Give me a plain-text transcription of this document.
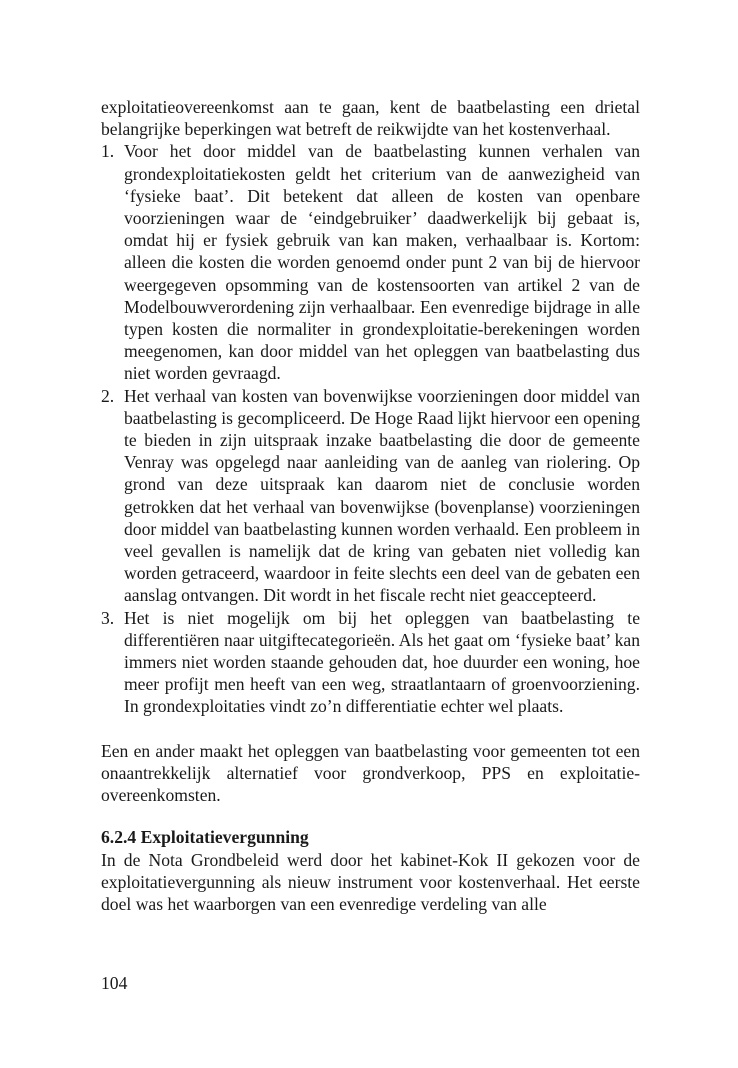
exploitatieovereenkomst aan te gaan, kent de baatbelasting een drietal belangrijke beperkingen wat betreft de reikwijdte van het kostenverhaal.

1. Voor het door middel van de baatbelasting kunnen verhalen van grondexploitatiekosten geldt het criterium van de aanwezigheid van ‘fysieke baat’. Dit betekent dat alleen de kosten van openbare voorzieningen waar de ‘eindgebruiker’ daadwerkelijk bij gebaat is, omdat hij er fysiek gebruik van kan maken, verhaalbaar is. Kortom: alleen die kosten die worden genoemd onder punt 2 van bij de hiervoor weergegeven opsomming van de kostensoorten van artikel 2 van de Modelbouwverordening zijn verhaalbaar. Een evenredige bijdrage in alle typen kosten die normaliter in grondexploitatie-berekeningen worden meegenomen, kan door middel van het opleggen van baatbelasting dus niet worden gevraagd.
2. Het verhaal van kosten van bovenwijkse voorzieningen door middel van baatbelasting is gecompliceerd. De Hoge Raad lijkt hiervoor een opening te bieden in zijn uitspraak inzake baatbelasting die door de gemeente Venray was opgelegd naar aanleiding van de aanleg van riolering. Op grond van deze uitspraak kan daarom niet de conclusie worden getrokken dat het verhaal van bovenwijkse (bovenplanse) voorzieningen door middel van baatbelasting kunnen worden verhaald. Een probleem in veel gevallen is namelijk dat de kring van gebaten niet volledig kan worden getraceerd, waardoor in feite slechts een deel van de gebaten een aanslag ontvangen. Dit wordt in het fiscale recht niet geaccepteerd.
3. Het is niet mogelijk om bij het opleggen van baatbelasting te differentiëren naar uitgiftecategorieën. Als het gaat om ‘fysieke baat’ kan immers niet worden staande gehouden dat, hoe duurder een woning, hoe meer profijt men heeft van een weg, straatlantaarn of groenvoorziening. In grondexploitaties vindt zo’n differentiatie echter wel plaats.

Een en ander maakt het opleggen van baatbelasting voor gemeenten tot een onaantrekkelijk alternatief voor grondverkoop, PPS en exploitatie-overeenkomsten.

6.2.4 Exploitatievergunning

In de Nota Grondbeleid werd door het kabinet-Kok II gekozen voor de exploitatievergunning als nieuw instrument voor kostenverhaal. Het eerste doel was het waarborgen van een evenredige verdeling van alle

104
